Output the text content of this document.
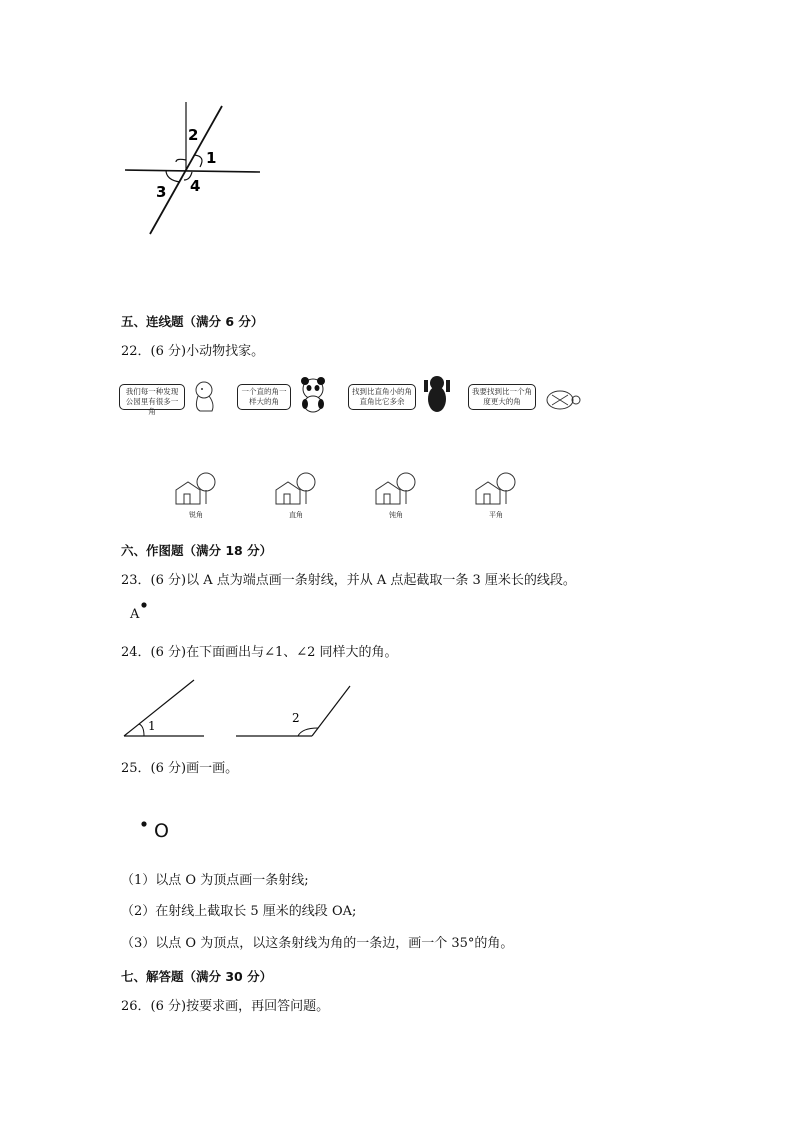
2
1
3 4
五、连线题（满分 6 分）
22．(6 分)小动物找家。
我们每一种发现公园里有很多一角
一个直的角一样大的角
找到比直角小的角直角比它多余
我要找到比一个角度更大的角
锐角	直角	钝角	平角
六、作图题（满分 18 分）
23．(6 分)以 A 点为端点画一条射线，并从 A 点起截取一条 3 厘米长的线段。
A
24．(6 分)在下面画出与∠1、∠2 同样大的角。
1
2
25．(6 分)画一画。
O
（1）以点 O 为顶点画一条射线;
（2）在射线上截取长 5 厘米的线段 OA;
（3）以点 O 为顶点，以这条射线为角的一条边，画一个 35°的角。
七、解答题（满分 30 分）
26．(6 分)按要求画，再回答问题。
